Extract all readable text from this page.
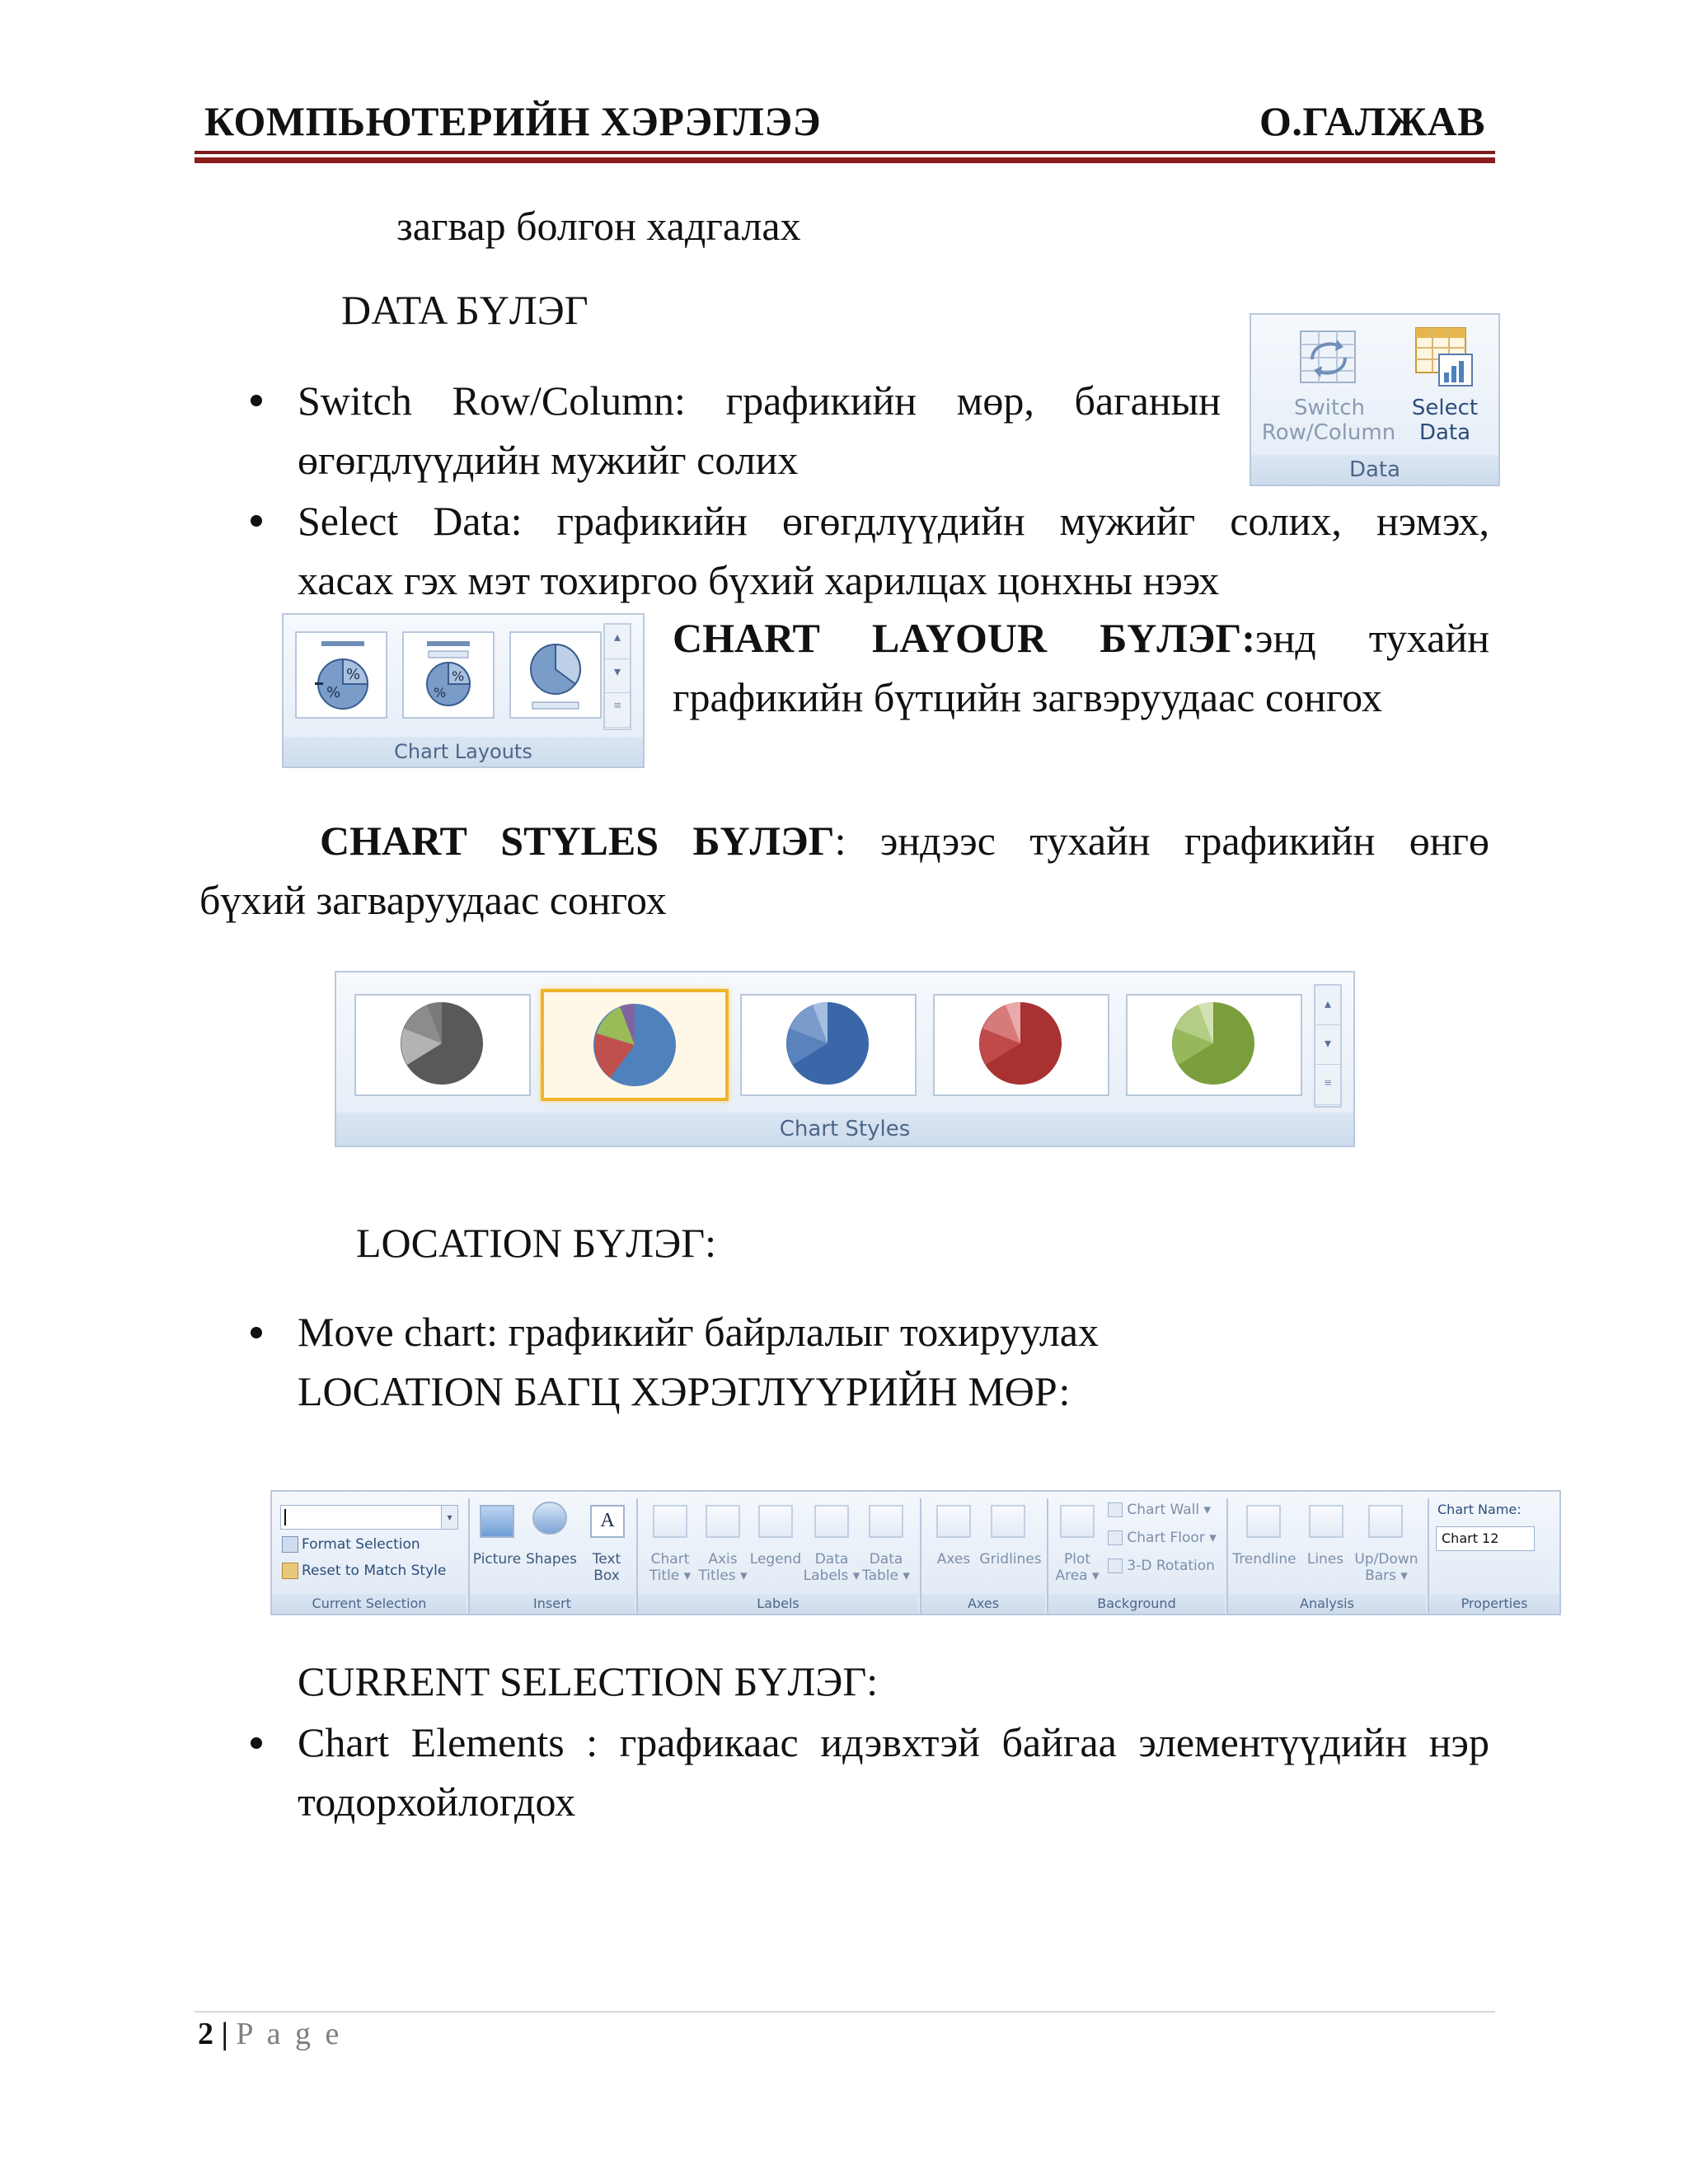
КОМПЬЮТЕРИЙН ХЭРЭГЛЭЭ	О.ГАЛЖАВ
загвар болгон хадгалах
DATA БҮЛЭГ
Switch
Row/Column
Select
Data
Data
Switch Row/Column: графикийн мөр, баганын
өгөгдлүүдийн мужийг солих
Select Data: графикийн өгөгдлүүдийн мужийг солих, нэмэх,
хасах гэх мэт тохиргоо бүхий харилцах цонхны нээх
%
%
%
%
▴
▾
≡
Chart Layouts
CHART LAYOUR БҮЛЭГ:энд тухайн
графикийн бүтцийн загвэруудаас сонгох
CHART STYLES БҮЛЭГ: эндээс тухайн графикийн өнгө
бүхий загваруудаас сонгох
▴
▾
≡
Chart Styles
LOCATION БҮЛЭГ:
Move chart: графикийг байрлалыг тохируулах
LOCATION БАГЦ ХЭРЭГЛҮҮРИЙН МӨР:
▾
Format Selection
Reset to Match Style
Current Selection
Picture Shapes
A
Text
Box
Insert
Chart
Title ▾
Axis
Titles ▾
Legend Data
Labels ▾
Data
Table ▾
Labels
Axes Gridlines
Axes
Plot
Area ▾
Chart Wall ▾
Chart Floor ▾
3-D Rotation
Background
Trendline Lines Up/Down
Bars ▾
Analysis
Chart Name:
Chart 12
Properties
CURRENT SELECTION БҮЛЭГ:
Chart Elements : графикаас идэвхтэй байгаа элементүүдийн нэр
тодорхойлогдох
2 | P a g e
